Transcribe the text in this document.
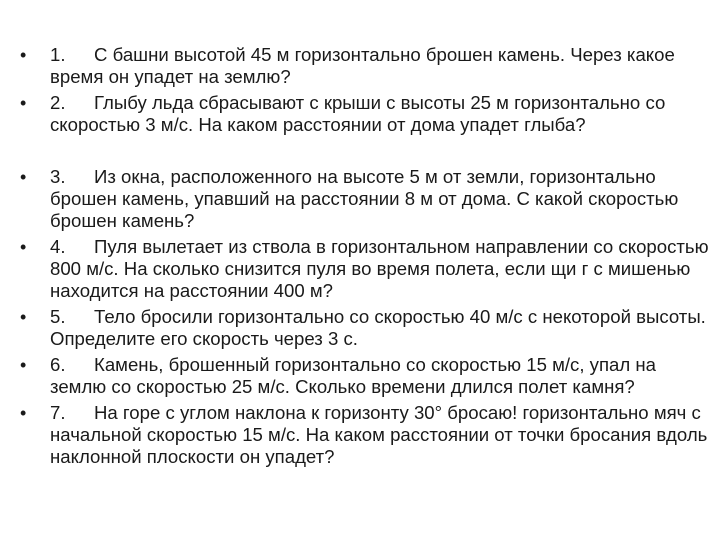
•	1. С башни высотой 45 м горизонтально брошен камень. Через какое время он упадет на землю?
•	2. Глыбу льда сбрасывают с крыши с высоты 25 м горизонтально со скоростью 3 м/с. На каком расстоянии от дома упадет глыба?
•	3. Из окна, расположенного на высоте 5 м от земли, горизонтально брошен камень, упавший на расстоянии 8 м от дома. С какой скоростью брошен камень?
•	4. Пуля вылетает из ствола в горизонтальном направлении со скоростью 800 м/с. На сколько снизится пуля во время полета, если щи г с мишенью находится на расстоянии 400 м?
•	5. Тело бросили горизонтально со скоростью 40 м/с с некоторой высоты. Определите его скорость через 3 с.
•	6. Камень, брошенный горизонтально со скоростью 15 м/с, упал на землю со скоростью 25 м/с. Сколько времени длился полет камня?
•	7. На горе с углом наклона к горизонту 30° бросаю! горизонтально мяч с начальной скоростью 15 м/с. На каком расстоянии от точки бросания вдоль наклонной плоскости он упадет?
